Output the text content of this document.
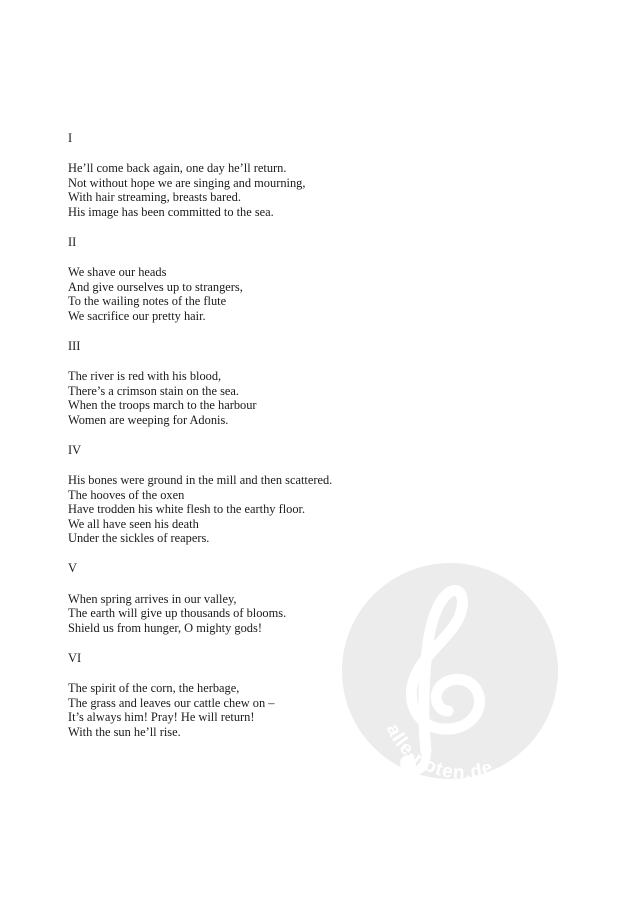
I
He’ll come back again, one day he’ll return.
Not without hope we are singing and mourning,
With hair streaming, breasts bared.
His image has been committed to the sea.
II
We shave our heads
And give ourselves up to strangers,
To the wailing notes of the flute
We sacrifice our pretty hair.
III
The river is red with his blood,
There’s a crimson stain on the sea.
When the troops march to the harbour
Women are weeping for Adonis.
IV
His bones were ground in the mill and then scattered.
The hooves of the oxen
Have trodden his white flesh to the earthy floor.
We all have seen his death
Under the sickles of reapers.
V
When spring arrives in our valley,
The earth will give up thousands of blooms.
Shield us from hunger, O mighty gods!
VI
The spirit of the corn, the herbage,
The grass and leaves our cattle chew on –
It’s always him! Pray! He will return!
With the sun he’ll rise.	alle-noten.de
